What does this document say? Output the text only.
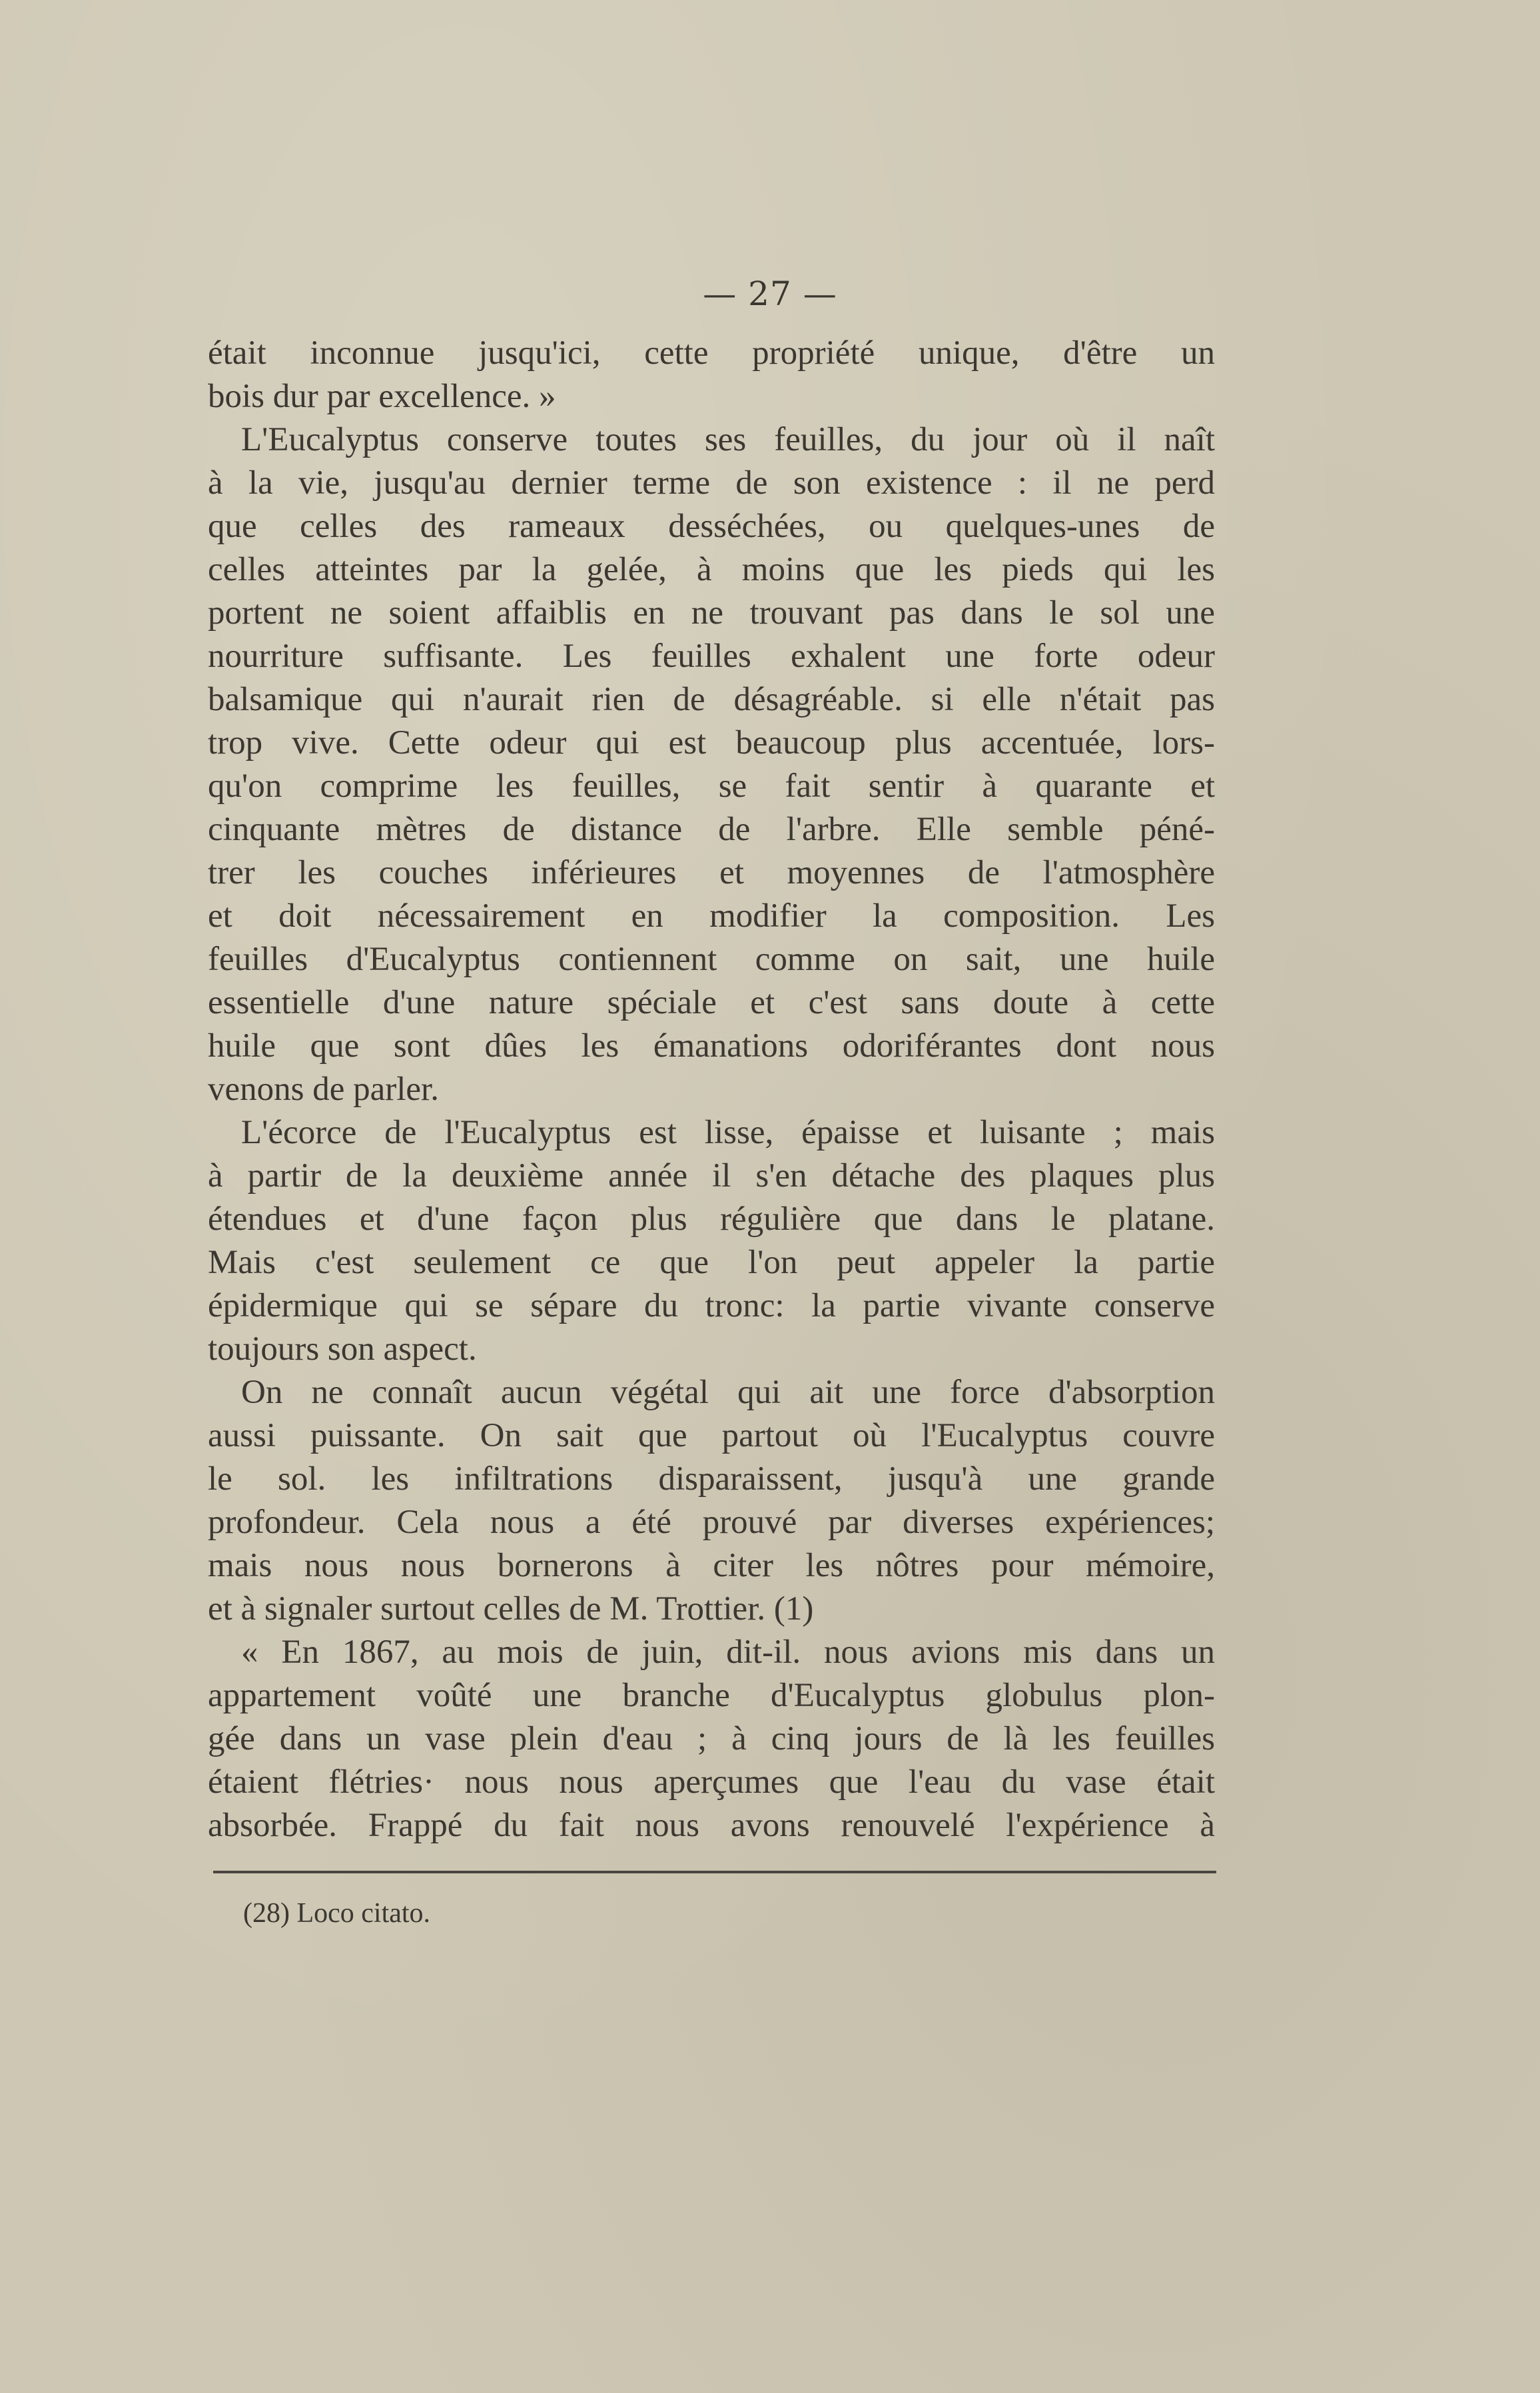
— 27 —
était inconnue jusqu'ici, cette propriété unique, d'être un
bois dur par excellence. »
L'Eucalyptus conserve toutes ses feuilles, du jour où il naît
à la vie, jusqu'au dernier terme de son existence : il ne perd
que celles des rameaux desséchées, ou quelques-unes de
celles atteintes par la gelée, à moins que les pieds qui les
portent ne soient affaiblis en ne trouvant pas dans le sol une
nourriture suffisante. Les feuilles exhalent une forte odeur
balsamique qui n'aurait rien de désagréable. si elle n'était pas
trop vive. Cette odeur qui est beaucoup plus accentuée, lors-
qu'on comprime les feuilles, se fait sentir à quarante et
cinquante mètres de distance de l'arbre. Elle semble péné-
trer les couches inférieures et moyennes de l'atmosphère
et doit nécessairement en modifier la composition. Les
feuilles d'Eucalyptus contiennent comme on sait, une huile
essentielle d'une nature spéciale et c'est sans doute à cette
huile que sont dûes les émanations odoriférantes dont nous
venons de parler.
L'écorce de l'Eucalyptus est lisse, épaisse et luisante ; mais
à partir de la deuxième année il s'en détache des plaques plus
étendues et d'une façon plus régulière que dans le platane.
Mais c'est seulement ce que l'on peut appeler la partie
épidermique qui se sépare du tronc: la partie vivante conserve
toujours son aspect.
On ne connaît aucun végétal qui ait une force d'absorption
aussi puissante. On sait que partout où l'Eucalyptus couvre
le sol. les infiltrations disparaissent, jusqu'à une grande
profondeur. Cela nous a été prouvé par diverses expériences;
mais nous nous bornerons à citer les nôtres pour mémoire,
et à signaler surtout celles de M. Trottier. (1)
« En 1867, au mois de juin, dit-il. nous avions mis dans un
appartement voûté une branche d'Eucalyptus globulus plon-
gée dans un vase plein d'eau ; à cinq jours de là les feuilles
étaient flétries· nous nous aperçumes que l'eau du vase était
absorbée. Frappé du fait nous avons renouvelé l'expérience à
(28) Loco citato.
